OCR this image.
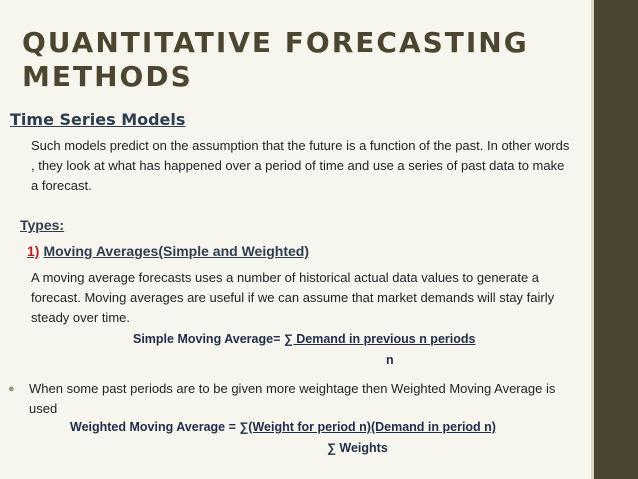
QUANTITATIVE FORECASTING METHODS

Time Series Models

Such models predict on the assumption that the future is a function of the past. In other words , they look at what has happened over a period of time and use a series of past data to make a forecast.

Types:

1) Moving Averages(Simple and Weighted)

A moving average forecasts uses a number of historical actual data values to generate a forecast. Moving averages are useful if we can assume that market demands will stay fairly steady over time.

Simple Moving Average= ∑ Demand in previous n periods

n

● When some past periods are to be given more weightage then Weighted Moving Average is used

Weighted Moving Average = ∑(Weight for period n)(Demand in period n)

∑ Weights
